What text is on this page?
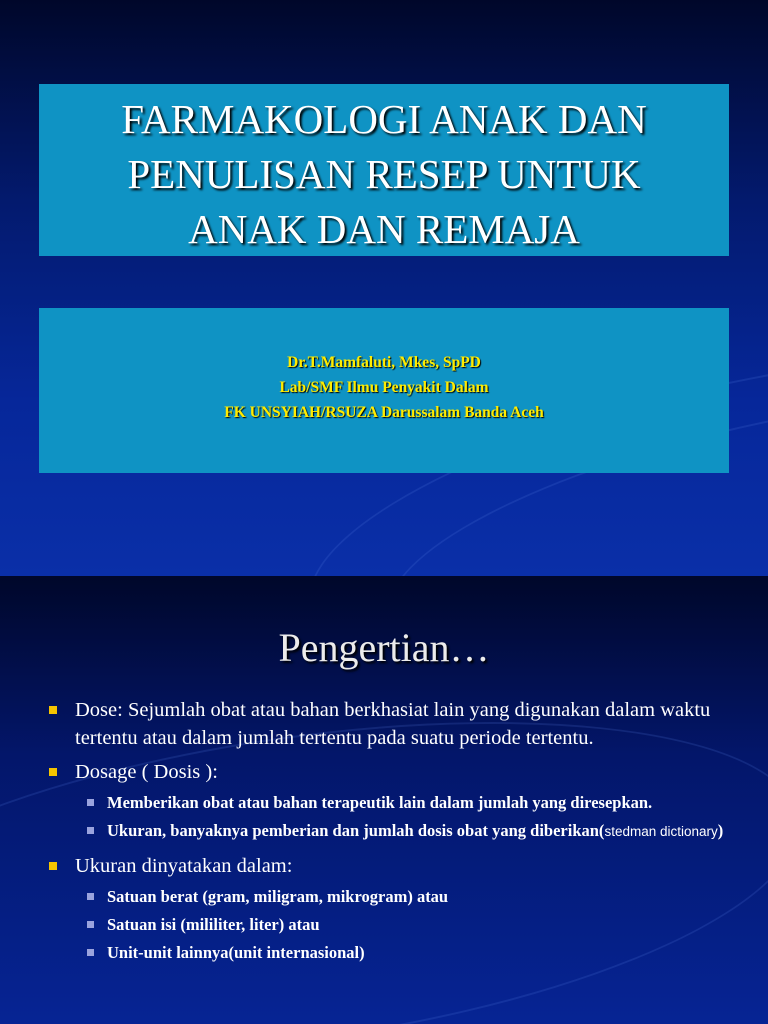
FARMAKOLOGI ANAK DAN
PENULISAN RESEP UNTUK
ANAK DAN REMAJA
Dr.T.Mamfaluti, Mkes, SpPD
Lab/SMF Ilmu Penyakit Dalam
FK UNSYIAH/RSUZA Darussalam Banda Aceh
Pengertian…
Dose: Sejumlah obat atau bahan berkhasiat lain yang digunakan dalam waktu tertentu atau dalam jumlah tertentu pada suatu periode tertentu.
Dosage ( Dosis ):
Memberikan obat atau bahan terapeutik lain dalam jumlah yang diresepkan.
Ukuran, banyaknya pemberian dan jumlah dosis obat yang diberikan(stedman dictionary)
Ukuran dinyatakan dalam:
Satuan berat (gram, miligram, mikrogram) atau
Satuan isi (mililiter, liter) atau
Unit-unit lainnya(unit internasional)
